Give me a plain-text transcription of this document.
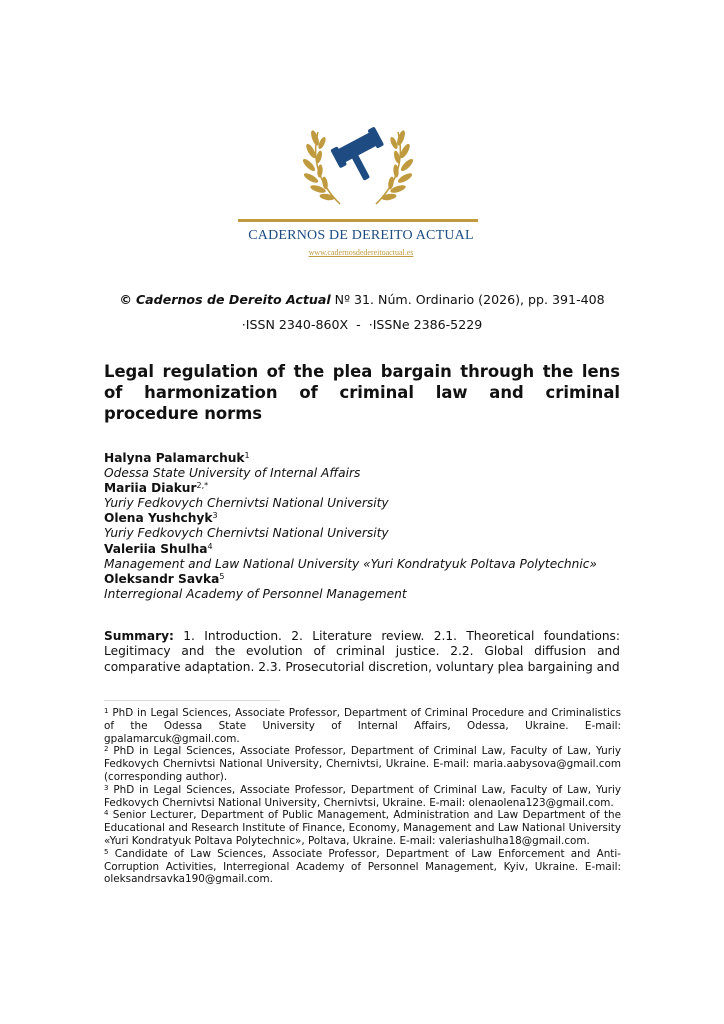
CADERNOS DE DEREITO ACTUAL
www.cadernosdedereitoactual.es
© Cadernos de Dereito Actual Nº 31. Núm. Ordinario (2026), pp. 391-408
·ISSN 2340-860X  -  ·ISSNe 2386-5229
Legal regulation of the plea bargain through the lens of harmonization of criminal law and criminal procedure norms
Halyna Palamarchuk$^1$
Odessa State University of Internal Affairs
Mariia Diakur$^{2,*}$
Yuriy Fedkovych Chernivtsi National University
Olena Yushchyk$^3$
Yuriy Fedkovych Chernivtsi National University
Valeriia Shulha$^4$
Management and Law National University «Yuri Kondratyuk Poltava Polytechnic»
Oleksandr Savka$^5$
Interregional Academy of Personnel Management

Summary: 1. Introduction. 2. Literature review. 2.1. Theoretical foundations: Legitimacy and the evolution of criminal justice. 2.2. Global diffusion and comparative adaptation. 2.3. Prosecutorial discretion, voluntary plea bargaining and

$^1$ PhD in Legal Sciences, Associate Professor, Department of Criminal Procedure and Criminalistics of the Odessa State University of Internal Affairs, Odessa, Ukraine. E-mail: gpalamarcuk@gmail.com.

$^2$ PhD in Legal Sciences, Associate Professor, Department of Criminal Law, Faculty of Law, Yuriy Fedkovych Chernivtsi National University, Chernivtsi, Ukraine. E-mail: maria.aabysova@gmail.com (corresponding author).

$^3$ PhD in Legal Sciences, Associate Professor, Department of Criminal Law, Faculty of Law, Yuriy Fedkovych Chernivtsi National University, Chernivtsi, Ukraine. E-mail: olenaolena123@gmail.com.

$^4$ Senior Lecturer, Department of Public Management, Administration and Law Department of the Educational and Research Institute of Finance, Economy, Management and Law National University «Yuri Kondratyuk Poltava Polytechnic», Poltava, Ukraine. E-mail: valeriashulha18@gmail.com.

$^5$ Candidate of Law Sciences, Associate Professor, Department of Law Enforcement and Anti-Corruption Activities, Interregional Academy of Personnel Management, Kyiv, Ukraine. E-mail: oleksandrsavka190@gmail.com.
